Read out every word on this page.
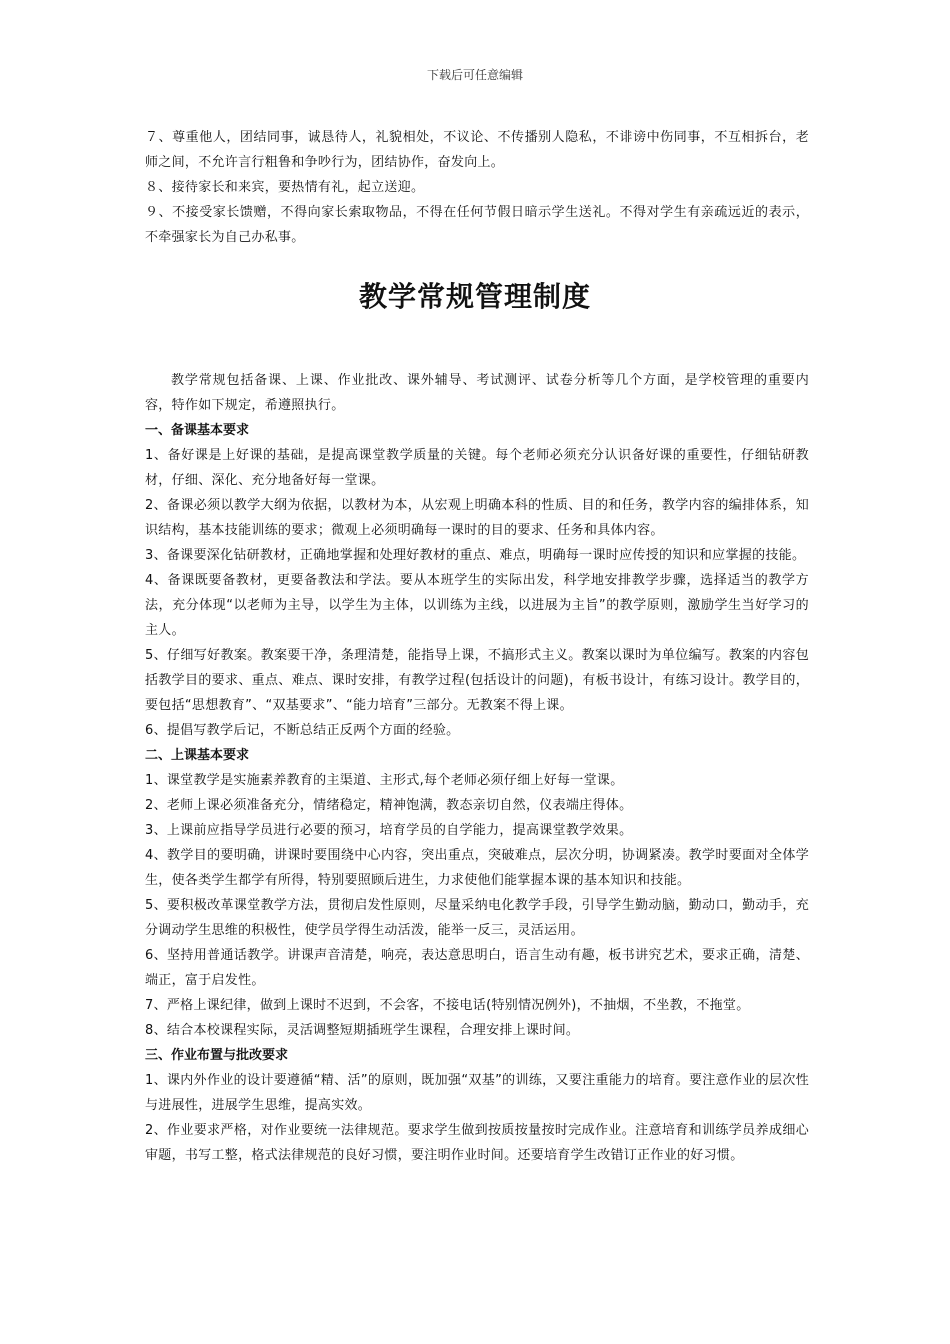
下载后可任意编辑

７、尊重他人，团结同事，诚恳待人，礼貌相处，不议论、不传播别人隐私，不诽谤中伤同事，不互相拆台，老师之间，不允许言行粗鲁和争吵行为，团结协作，奋发向上。

８、接待家长和来宾，要热情有礼，起立送迎。

９、不接受家长馈赠，不得向家长索取物品，不得在任何节假日暗示学生送礼。不得对学生有亲疏远近的表示，不牵强家长为自己办私事。

教学常规管理制度

教学常规包括备课、上课、作业批改、课外辅导、考试测评、试卷分析等几个方面，是学校管理的重要内容，特作如下规定，希遵照执行。

一、备课基本要求

1、备好课是上好课的基础，是提高课堂教学质量的关键。每个老师必须充分认识备好课的重要性，仔细钻研教材，仔细、深化、充分地备好每一堂课。

2、备课必须以教学大纲为依据，以教材为本，从宏观上明确本科的性质、目的和任务，教学内容的编排体系，知识结构，基本技能训练的要求；微观上必须明确每一课时的目的要求、任务和具体内容。

3、备课要深化钻研教材，正确地掌握和处理好教材的重点、难点，明确每一课时应传授的知识和应掌握的技能。

4、备课既要备教材，更要备教法和学法。要从本班学生的实际出发，科学地安排教学步骤，选择适当的教学方法，充分体现“以老师为主导，以学生为主体，以训练为主线，以进展为主旨”的教学原则，激励学生当好学习的主人。

5、仔细写好教案。教案要干净，条理清楚，能指导上课，不搞形式主义。教案以课时为单位编写。教案的内容包括教学目的要求、重点、难点、课时安排，有教学过程(包括设计的问题)，有板书设计，有练习设计。教学目的，要包括“思想教育”、“双基要求”、“能力培育”三部分。无教案不得上课。

6、提倡写教学后记，不断总结正反两个方面的经验。

二、上课基本要求

1、课堂教学是实施素养教育的主渠道、主形式,每个老师必须仔细上好每一堂课。

2、老师上课必须准备充分，情绪稳定，精神饱满，教态亲切自然，仪表端庄得体。

3、上课前应指导学员进行必要的预习，培育学员的自学能力，提高课堂教学效果。

4、教学目的要明确，讲课时要围绕中心内容，突出重点，突破难点，层次分明，协调紧凑。教学时要面对全体学生，使各类学生都学有所得，特别要照顾后进生，力求使他们能掌握本课的基本知识和技能。

5、要积极改革课堂教学方法，贯彻启发性原则，尽量采纳电化教学手段，引导学生勤动脑，勤动口，勤动手，充分调动学生思维的积极性，使学员学得生动活泼，能举一反三，灵活运用。

6、坚持用普通话教学。讲课声音清楚，响亮，表达意思明白，语言生动有趣，板书讲究艺术，要求正确，清楚、端正，富于启发性。

7、严格上课纪律，做到上课时不迟到，不会客，不接电话(特别情况例外)，不抽烟，不坐教，不拖堂。

8、结合本校课程实际，灵活调整短期插班学生课程，合理安排上课时间。

三、作业布置与批改要求

1、课内外作业的设计要遵循“精、活”的原则，既加强“双基”的训练，又要注重能力的培育。要注意作业的层次性与进展性，进展学生思维，提高实效。

2、作业要求严格，对作业要统一法律规范。要求学生做到按质按量按时完成作业。注意培育和训练学员养成细心审题，书写工整，格式法律规范的良好习惯，要注明作业时间。还要培育学生改错订正作业的好习惯。
